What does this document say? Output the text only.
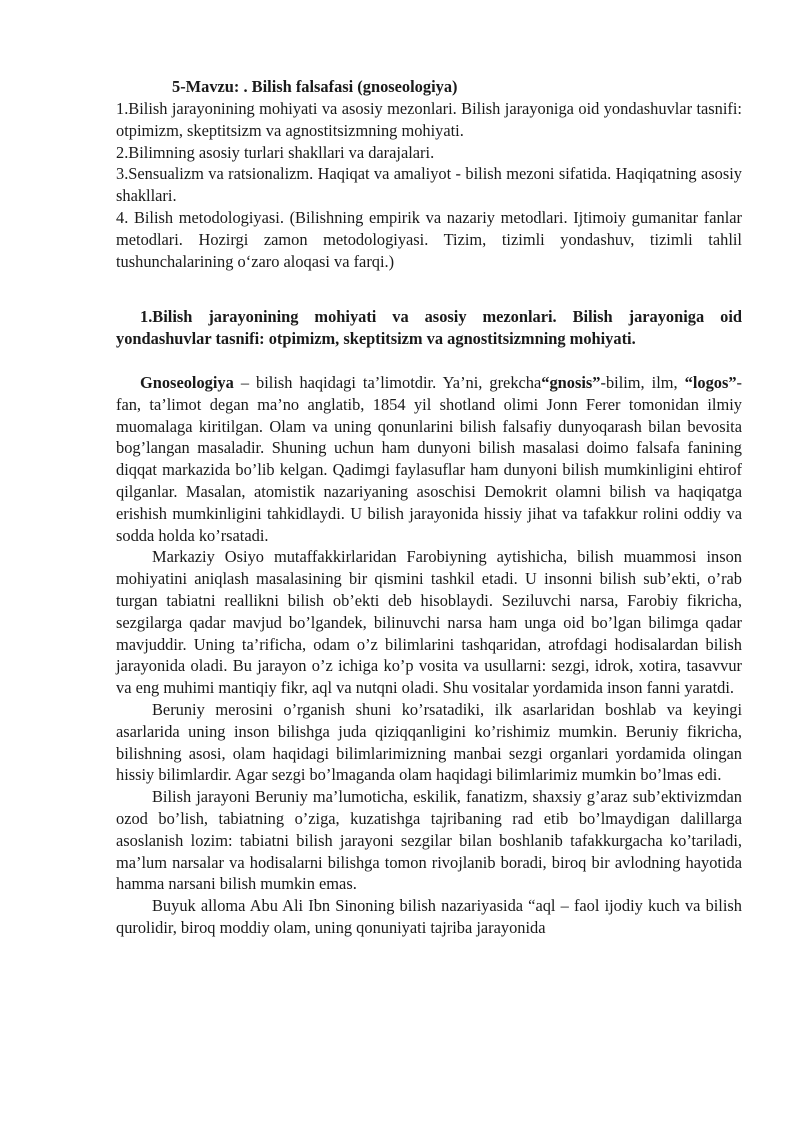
5-Mavzu: . Bilish falsafasi (gnoseologiya)

1.Bilish jarayonining mohiyati va asosiy mezonlari. Bilish jarayoniga oid yondashuvlar tasnifi: otpimizm, skeptitsizm va agnostitsizmning mohiyati.

2.Bilimning asosiy turlari shakllari va darajalari.

3.Sensualizm va ratsionalizm. Haqiqat va amaliyot - bilish mezoni sifatida. Haqiqatning asosiy shakllari.

4. Bilish metodologiyasi. (Bilishning empirik va nazariy metodlari. Ijtimoiy gumanitar fanlar metodlari. Hozirgi zamon metodologiyasi. Tizim, tizimli yondashuv, tizimli tahlil tushunchalarining o‘zaro aloqasi va farqi.)

1.Bilish jarayonining mohiyati va asosiy mezonlari. Bilish jarayoniga oid yondashuvlar tasnifi: otpimizm, skeptitsizm va agnostitsizmning mohiyati.

Gnoseologiya – bilish haqidagi ta’limotdir. Ya’ni, grekcha“gnosis”-bilim, ilm, “logos”-fan, ta’limot degan ma’no anglatib, 1854 yil shotland olimi Jonn Ferer tomonidan ilmiy muomalaga kiritilgan. Olam va uning qonunlarini bilish falsafiy dunyoqarash bilan bevosita bog’langan masaladir. Shuning uchun ham dunyoni bilish masalasi doimo falsafa fanining diqqat markazida bo’lib kelgan. Qadimgi faylasuflar ham dunyoni bilish mumkinligini ehtirof qilganlar. Masalan, atomistik nazariyaning asoschisi Demokrit olamni bilish va haqiqatga erishish mumkinligini tahkidlaydi. U bilish jarayonida hissiy jihat va tafakkur rolini oddiy va sodda holda ko’rsatadi.

Markaziy Osiyo mutaffakkirlaridan Farobiyning aytishicha, bilish muammosi inson mohiyatini aniqlash masalasining bir qismini tashkil etadi. U insonni bilish sub’ekti, o’rab turgan tabiatni reallikni bilish ob’ekti deb hisoblaydi. Seziluvchi narsa, Farobiy fikricha, sezgilarga qadar mavjud bo’lgandek, bilinuvchi narsa ham unga oid bo’lgan bilimga qadar mavjuddir. Uning ta’rificha, odam o’z bilimlarini tashqaridan, atrofdagi hodisalardan bilish jarayonida oladi. Bu jarayon o’z ichiga ko’p vosita va usullarni: sezgi, idrok, xotira, tasavvur va eng muhimi mantiqiy fikr, aql va nutqni oladi. Shu vositalar yordamida inson fanni yaratdi.

Beruniy merosini o’rganish shuni ko’rsatadiki, ilk asarlaridan boshlab va keyingi asarlarida uning inson bilishga juda qiziqqanligini ko’rishimiz mumkin. Beruniy fikricha, bilishning asosi, olam haqidagi bilimlarimizning manbai sezgi organlari yordamida olingan hissiy bilimlardir. Agar sezgi bo’lmaganda olam haqidagi bilimlarimiz mumkin bo’lmas edi.

Bilish jarayoni Beruniy ma’lumoticha, eskilik, fanatizm, shaxsiy g’araz sub’ektivizmdan ozod bo’lish, tabiatning o’ziga, kuzatishga tajribaning rad etib bo’lmaydigan dalillarga asoslanish lozim: tabiatni bilish jarayoni sezgilar bilan boshlanib tafakkurgacha ko’tariladi, ma’lum narsalar va hodisalarni bilishga tomon rivojlanib boradi, biroq bir avlodning hayotida hamma narsani bilish mumkin emas.

Buyuk alloma Abu Ali Ibn Sinoning bilish nazariyasida “aql – faol ijodiy kuch va bilish qurolidir, biroq moddiy olam, uning qonuniyati tajriba jarayonida
